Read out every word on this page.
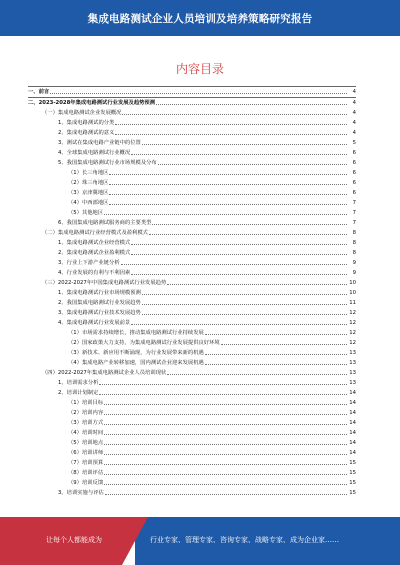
集成电路测试企业人员培训及培养策略研究报告
内容目录
一、前言	4
二、2023-2028年集成电路测试行业发展及趋势预测	4
（一）集成电路测试企业发展概况	4
1、集成电路测试的分类	4
2、集成电路测试的意义	4
3、测试在集成电路产业链中的位置	5
4、全球集成电路测试行业概况	6
5、我国集成电路测试行业市场规模及分布	6
（1）长三角地区	6
（2）珠三角地区	6
（3）京津冀地区	6
（4）中西部地区	7
（5）其他地区	7
6、我国集成电路测试服务商的主要类型	7
（二）集成电路测试行业经营模式及盈利模式	8
1、集成电路测试企业经营模式	8
2、集成电路测试企业盈利模式	8
3、行业上下游产业链分析	9
4、行业发展的有利与不利因素	9
（三）2022-2027年中国集成电路测试行业发展趋势	10
1、集成电路测试行业市场规模预测	10
2、我国集成电路测试行业发展趋势	11
3、集成电路测试行业技术发展趋势	12
4、集成电路测试行业发展前景	12
（1）市场需求持续增长，推动集成电路测试行业持续发展	12
（2）国家政策大力支持，为集成电路测试行业发展提供良好环境	12
（3）新技术、新应用不断涌现，为行业发展带来新的机遇	13
（4）集成电路产业转移加速，国内测试企业迎来发展机遇	13
（四）2022-2027年集成电路测试企业人员培训现状	13
1、培训需求分析	13
2、培训计划制定	14
（1）培训目标	14
（2）培训内容	14
（3）培训方式	14
（4）培训时间	14
（5）培训地点	14
（6）培训讲师	14
（7）培训预算	15
（8）培训评估	15
（9）培训反馈	15
3、培训实施与评估	15
让每个人都能成为	行业专家、管理专家、咨询专家、战略专家、成为企业家……
